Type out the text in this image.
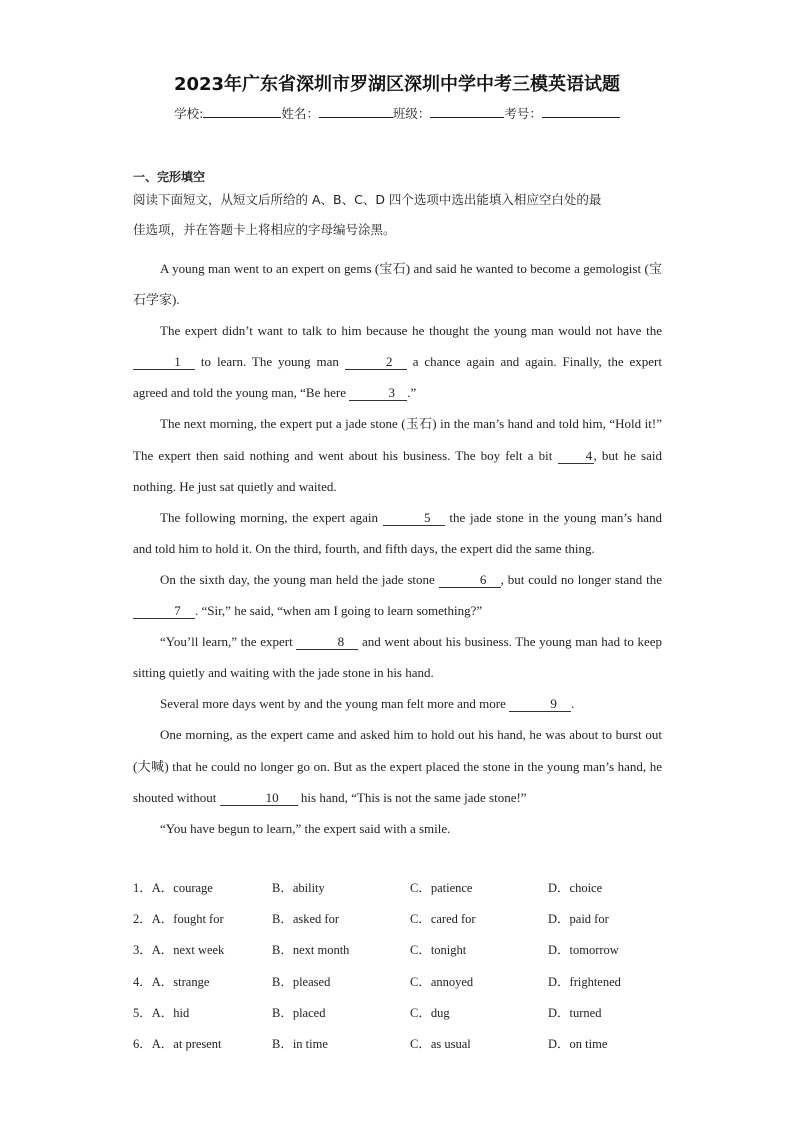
2023年广东省深圳市罗湖区深圳中学中考三模英语试题
学校:	姓名：	班级：	考号：
一、完形填空
阅读下面短文，从短文后所给的 A、B、C、D 四个选项中选出能填入相应空白处的最
佳选项，并在答题卡上将相应的字母编号涂黑。

A young man went to an expert on gems (宝石) and said he wanted to become a gemologist (宝石学家).

The expert didn’t want to talk to him because he thought the young man would not have the 1 to learn. The young man	2 a chance again and again. Finally, the expert agreed and told the young man, “Be here	3 .”

The next morning, the expert put a jade stone (玉石) in the man’s hand and told him, “Hold it!” The expert then said nothing and went about his business. The boy felt a bit 4, but he said nothing. He just sat quietly and waited.

The following morning, the expert again	5 the jade stone in the young man’s hand and told him to hold it. On the third, fourth, and fifth days, the expert did the same thing.

On the sixth day, the young man held the jade stone	6 , but could no longer stand the 7 . “Sir,” he said, “when am I going to learn something?”

“You’ll learn,” the expert	8 and went about his business. The young man had to keep sitting quietly and waiting with the jade stone in his hand.

Several more days went by and the young man felt more and more	9 .

One morning, as the expert came and asked him to hold out his hand, he was about to burst out (大喊) that he could no longer go on. But as the expert placed the stone in the young man’s hand, he shouted without	10 his hand, “This is not the same jade stone!”

“You have begun to learn,” the expert said with a smile.

1．A．courage	B．ability	C．patience	D．choice
2．A．fought for	B．asked for	C．cared for	D．paid for
3．A．next week	B．next month	C．tonight	D．tomorrow
4．A．strange	B．pleased	C．annoyed	D．frightened
5．A．hid	B．placed	C．dug	D．turned
6．A．at present	B．in time	C．as usual	D．on time
